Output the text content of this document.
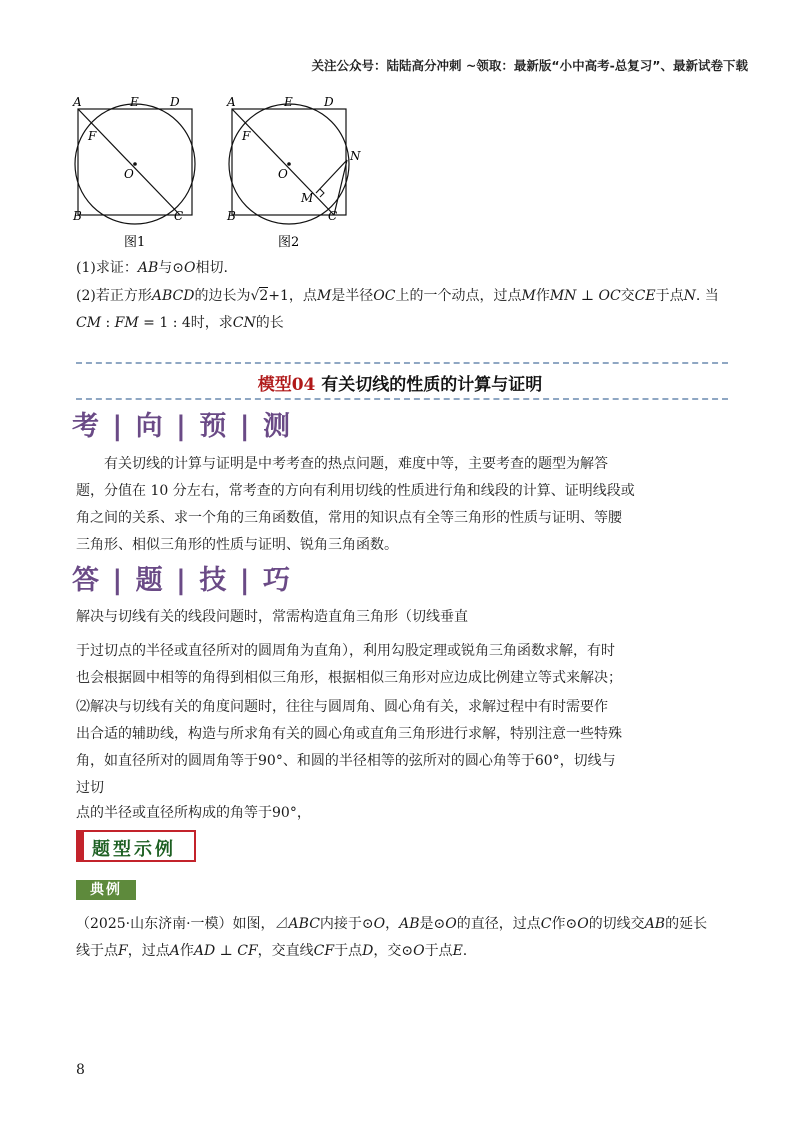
关注公众号：陆陆高分冲刺 ~领取：最新版“小中高考-总复习”、最新试卷下载
A	E	D
F
O
B	C
图1
A	E	D
F
O
M
N
B	C
图2
(1)求证：AB与⊙O相切.
(2)若正方形ABCD的边长为√2+1，点M是半径OC上的一个动点，过点M作MN ⊥ OC交CE于点N. 当
CM : FM = 1 : 4时，求CN的长
模型04 有关切线的性质的计算与证明
考 | 向 | 预 | 测
有关切线的计算与证明是中考考查的热点问题，难度中等，主要考查的题型为解答
题，分值在 10 分左右，常考查的方向有利用切线的性质进行角和线段的计算、证明线段或
角之间的关系、求一个角的三角函数值，常用的知识点有全等三角形的性质与证明、等腰
三角形、相似三角形的性质与证明、锐角三角函数。
答 | 题 | 技 | 巧
解决与切线有关的线段问题时，常需构造直角三角形（切线垂直
于过切点的半径或直径所对的圆周角为直角），利用勾股定理或锐角三角函数求解，有时
也会根据圆中相等的角得到相似三角形，根据相似三角形对应边成比例建立等式来解决；
⑵解决与切线有关的角度问题时，往往与圆周角、圆心角有关，求解过程中有时需要作
出合适的辅助线，构造与所求角有关的圆心角或直角三角形进行求解，特别注意一些特殊
角，如直径所对的圆周角等于90°、和圆的半径相等的弦所对的圆心角等于60°，切线与
过切
点的半径或直径所构成的角等于90°，
题型示例
典例
（2025·山东济南·一模）如图，⊿ABC内接于⊙O，AB是⊙O的直径，过点C作⊙O的切线交AB的延长
线于点F，过点A作AD ⊥ CF，交直线CF于点D，交⊙O于点E.
8
